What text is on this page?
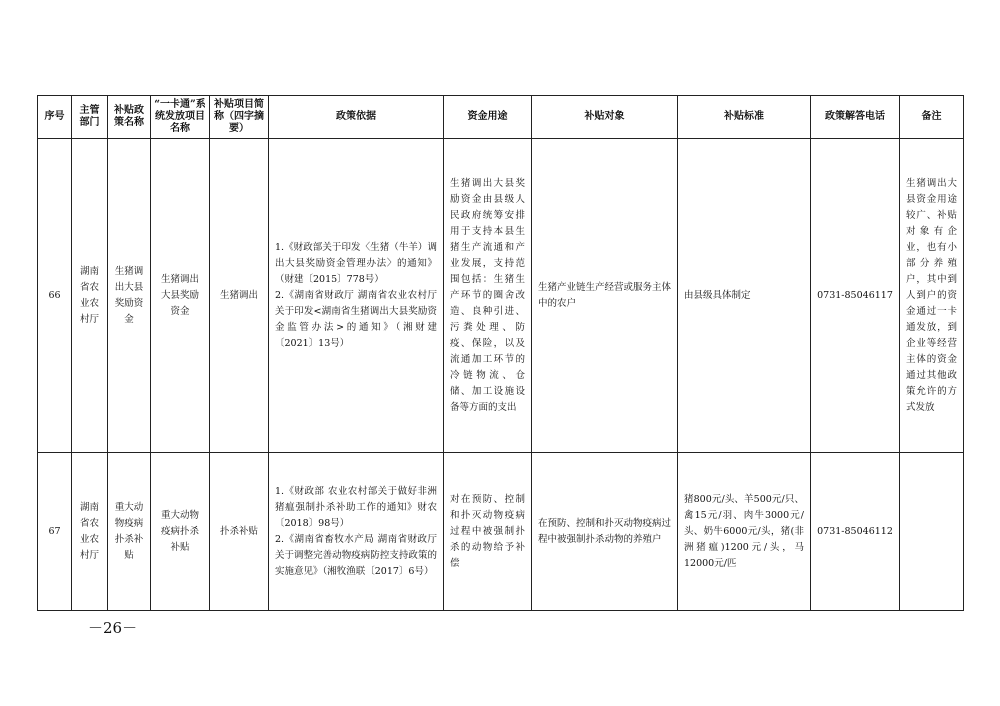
序号	主管部门	补贴政策名称	“一卡通”系统发放项目名称	补贴项目简称（四字摘要）	政策依据	资金用途	补贴对象	补贴标准	政策解答电话	备注
66	湖南省农业农村厅	生猪调出大县奖励资金	生猪调出大县奖励资金	生猪调出	1.《财政部关于印发〈生猪（牛羊）调出大县奖励资金管理办法〉的通知》（财建〔2015〕778号）
2.《湖南省财政厅 湖南省农业农村厅关于印发<湖南省生猪调出大县奖励资金监管办法>的通知》（湘财建〔2021〕13号）	生猪调出大县奖励资金由县级人民政府统筹安排用于支持本县生猪生产流通和产业发展，支持范围包括：生猪生产环节的圈舍改造、良种引进、污粪处理、防疫、保险，以及流通加工环节的冷链物流、仓储、加工设施设备等方面的支出	生猪产业链生产经营或服务主体中的农户	由县级具体制定	0731-85046117	生猪调出大县资金用途较广、补贴对象有企业，也有小部分养殖户，其中到人到户的资金通过一卡通发放，到企业等经营主体的资金通过其他政策允许的方式发放
67	湖南省农业农村厅	重大动物疫病扑杀补贴	重大动物疫病扑杀补贴	扑杀补贴	1.《财政部 农业农村部关于做好非洲猪瘟强制扑杀补助工作的通知》财农〔2018〕98号）
2.《湖南省畜牧水产局 湖南省财政厅关于调整完善动物疫病防控支持政策的实施意见》（湘牧渔联〔2017〕6号）	对在预防、控制和扑灭动物疫病过程中被强制扑杀的动物给予补偿	在预防、控制和扑灭动物疫病过程中被强制扑杀动物的养殖户	猪800元/头、羊500元/只、禽15元/羽、肉牛3000元/头、奶牛6000元/头，猪(非洲猪瘟)1200元/头，马12000元/匹	0731-85046112	
－26－
